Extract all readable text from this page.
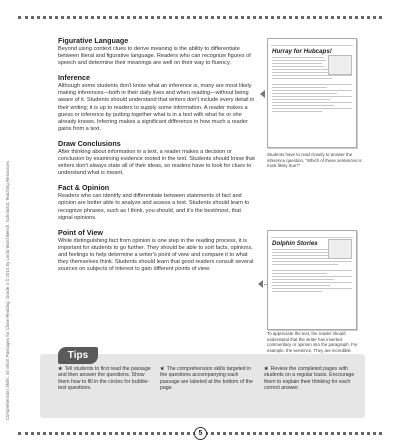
Comprehension Skills: 40 Short Passages for Close Reading: Grade 4 © 2014 by Linda Ward Beech, Scholastic Teaching Resources
Figurative Language

Beyond using context clues to derive meaning is the ability to differentiate between literal and figurative language. Readers who can recognize figures of speech and determine their meanings are well on their way to fluency.

Inference

Although some students don't know what an inference is, many are most likely making inferences—both in their daily lives and when reading—without being aware of it. Students should understand that writers don't include every detail in their writing; it is up to readers to supply some information. A reader makes a guess or inference by putting together what is in a text with what he or she already knows. Inferring makes a significant difference in how much a reader gains from a text.

Draw Conclusions

After thinking about information in a text, a reader makes a decision or conclusion by examining evidence rooted in the text. Students should know that writers don't always state all of their ideas, so readers have to look for clues to understand what is meant.

Fact & Opinion

Readers who can identify and differentiate between statements of fact and opinion are better able to analyze and assess a text. Students should learn to recognize phrases, such as I think, you should, and it's the best/most, that signal opinions.

Point of View

While distinguishing fact from opinion is one step in the reading process, it is important for students to go further. They should be able to sort facts, opinions, and feelings to help determine a writer's point of view and compare it to what they themselves think. Students should learn that good readers consult several sources on subjects of interest to gain different points of view.

Hurray for Hubcaps!
Students have to read closely to answer the inference question, "Which of these sentences is most likely true?"
Dolphin Stories
To appreciate the text, the reader should understand that the writer has inserted commentary or opinion into the paragraph. For example, the sentence, They are incredible
Tips
★ Tell students to first read the passage and then answer the questions. Show them how to fill in the circles for bubble-test questions.
★ The comprehension skills targeted in the questions accompanying each passage are labeled at the bottom of the page.
★ Review the completed pages with students on a regular basis. Encourage them to explain their thinking for each correct answer.
5
